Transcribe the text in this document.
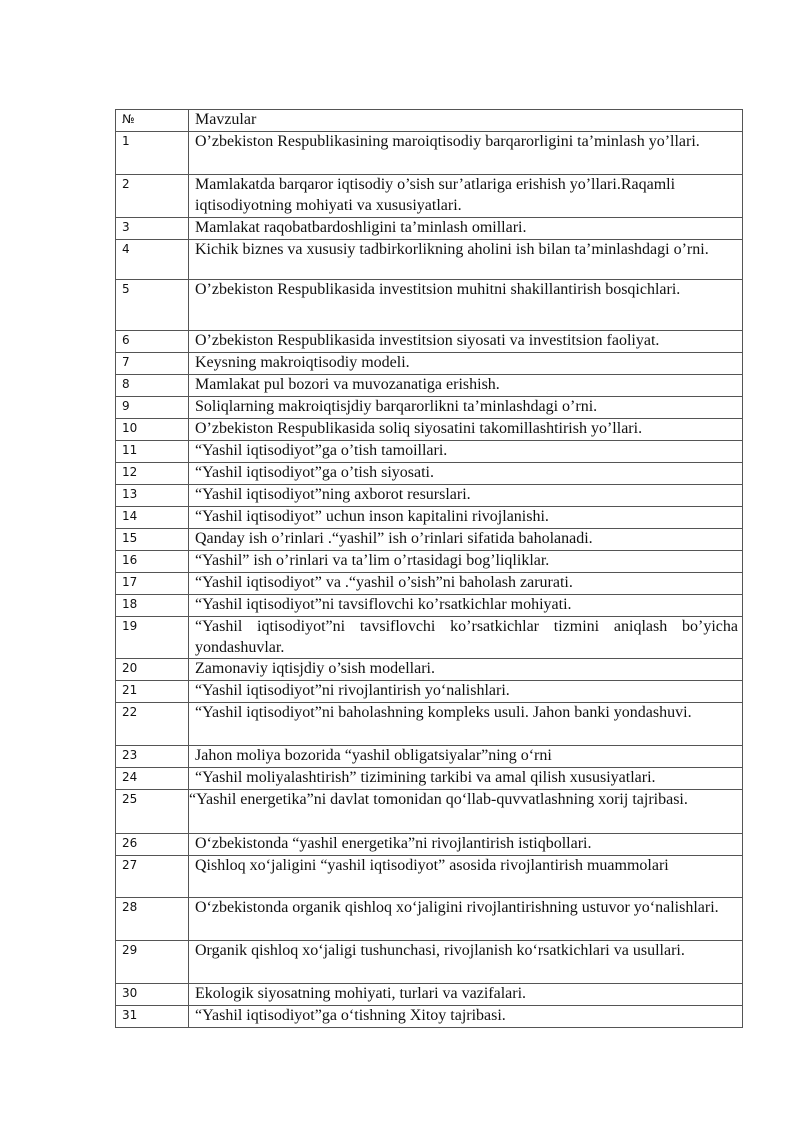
№	Mavzular
1	O’zbekiston Respublikasining maroiqtisodiy barqarorligini ta’minlash yo’llari.
2	Mamlakatda barqaror iqtisodiy o’sish sur’atlariga erishish yo’llari.Raqamli iqtisodiyotning mohiyati va xususiyatlari.
3	Mamlakat raqobatbardoshligini ta’minlash omillari.
4	Kichik biznes va xususiy tadbirkorlikning aholini ish bilan ta’minlashdagi o’rni.
5	O’zbekiston Respublikasida investitsion muhitni shakillantirish bosqichlari.
6	O’zbekiston Respublikasida investitsion siyosati va investitsion faoliyat.
7	Keysning makroiqtisodiy modeli.
8	Mamlakat pul bozori va muvozanatiga erishish.
9	Soliqlarning makroiqtisjdiy barqarorlikni ta’minlashdagi o’rni.
10	O’zbekiston Respublikasida soliq siyosatini takomillashtirish yo’llari.
11	“Yashil iqtisodiyot”ga o’tish tamoillari.
12	“Yashil iqtisodiyot”ga o’tish siyosati.
13	“Yashil iqtisodiyot”ning axborot resurslari.
14	“Yashil iqtisodiyot” uchun inson kapitalini rivojlanishi.
15	Qanday ish o’rinlari .“yashil” ish o’rinlari sifatida baholanadi.
16	“Yashil” ish o’rinlari va ta’lim o’rtasidagi bog’liqliklar.
17	“Yashil iqtisodiyot” va .“yashil o’sish”ni baholash zarurati.
18	“Yashil iqtisodiyot”ni tavsiflovchi ko’rsatkichlar mohiyati.
19	“Yashil iqtisodiyot”ni tavsiflovchi ko’rsatkichlar tizmini aniqlash bo’yicha yondashuvlar.
20	Zamonaviy iqtisjdiy o’sish modellari.
21	“Yashil iqtisodiyot”ni rivojlantirish yo‘nalishlari.
22	“Yashil iqtisodiyot”ni baholashning kompleks usuli. Jahon banki yondashuvi.
23	Jahon moliya bozorida “yashil obligatsiyalar”ning o‘rni
24	“Yashil moliyalashtirish” tizimining tarkibi va amal qilish xususiyatlari.
25	“Yashil energetika”ni davlat tomonidan qo‘llab-quvvatlashning xorij tajribasi.
26	O‘zbekistonda “yashil energetika”ni rivojlantirish istiqbollari.
27	Qishloq xo‘jaligini “yashil iqtisodiyot” asosida rivojlantirish muammolari
28	O‘zbekistonda organik qishloq xo‘jaligini rivojlantirishning ustuvor yo‘nalishlari.
29	Organik qishloq xo‘jaligi tushunchasi, rivojlanish ko‘rsatkichlari va usullari.
30	Ekologik siyosatning mohiyati, turlari va vazifalari.
31	“Yashil iqtisodiyot”ga o‘tishning Xitoy tajribasi.
